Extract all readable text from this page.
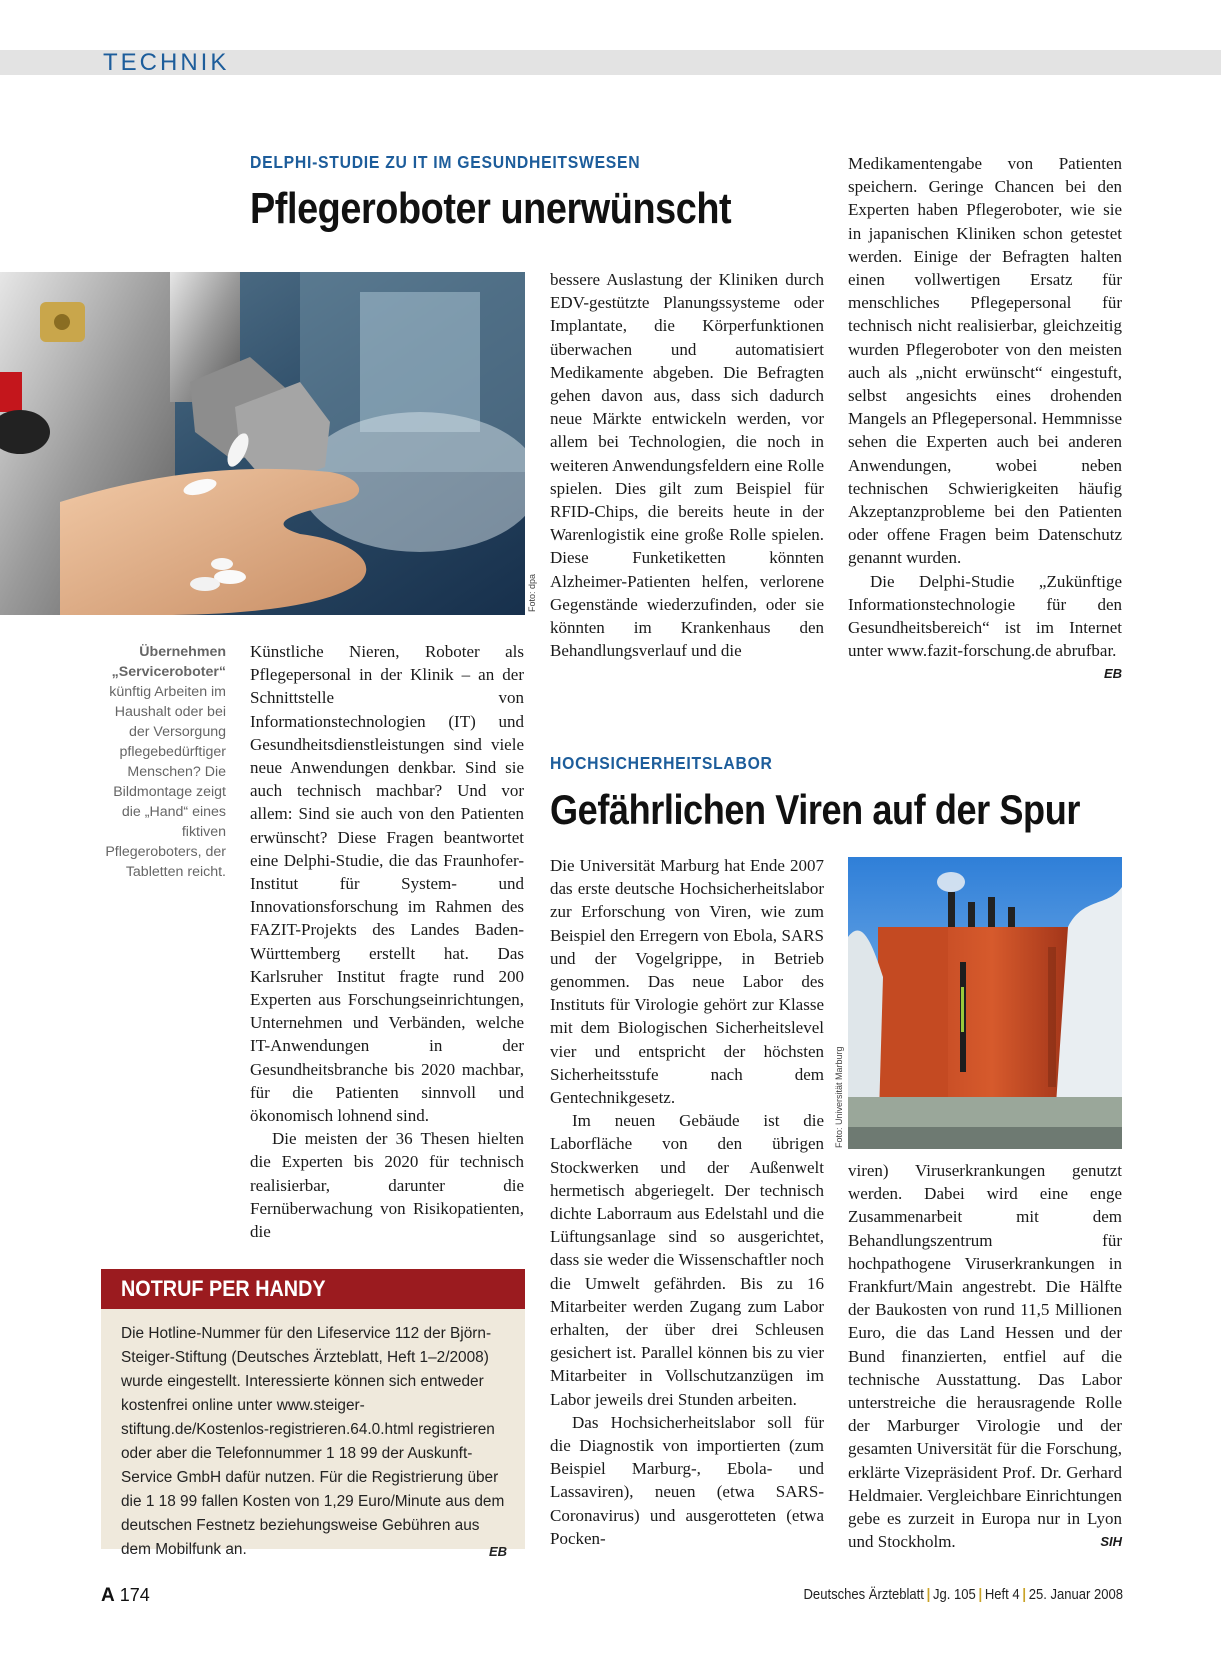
TECHNIK
DELPHI-STUDIE ZU IT IM GESUNDHEITSWESEN
Pflegeroboter unerwünscht
Foto: dpa
Übernehmen „Serviceroboter“ künftig Arbeiten im Haushalt oder bei der Versorgung pflegebedürftiger Menschen? Die Bildmontage zeigt die „Hand“ eines fiktiven Pflegeroboters, der Tabletten reicht.

Künstliche Nieren, Roboter als Pflegepersonal in der Klinik – an der Schnittstelle von Informationstechnologien (IT) und Gesundheitsdienstleistungen sind viele neue Anwendungen denkbar. Sind sie auch technisch machbar? Und vor allem: Sind sie auch von den Patienten erwünscht? Diese Fragen beantwortet eine Delphi-Studie, die das Fraunhofer-Institut für System- und Innovationsforschung im Rahmen des FAZIT-Projekts des Landes Baden-Württemberg erstellt hat. Das Karlsruher Institut fragte rund 200 Experten aus Forschungseinrichtungen, Unternehmen und Verbänden, welche IT-Anwendungen in der Gesundheitsbranche bis 2020 machbar, für die Patienten sinnvoll und ökonomisch lohnend sind.

Die meisten der 36 Thesen hielten die Experten bis 2020 für technisch realisierbar, darunter die Fernüberwachung von Risikopatienten, die

bessere Auslastung der Kliniken durch EDV-gestützte Planungssysteme oder Implantate, die Körperfunktionen überwachen und automatisiert Medikamente abgeben. Die Befragten gehen davon aus, dass sich dadurch neue Märkte entwickeln werden, vor allem bei Technologien, die noch in weiteren Anwendungsfeldern eine Rolle spielen. Dies gilt zum Beispiel für RFID-Chips, die bereits heute in der Warenlogistik eine große Rolle spielen. Diese Funketiketten könnten Alzheimer-Patienten helfen, verlorene Gegenstände wiederzufinden, oder sie könnten im Krankenhaus den Behandlungsverlauf und die

Medikamentengabe von Patienten speichern. Geringe Chancen bei den Experten haben Pflegeroboter, wie sie in japanischen Kliniken schon getestet werden. Einige der Befragten halten einen vollwertigen Ersatz für menschliches Pflegepersonal für technisch nicht realisierbar, gleichzeitig wurden Pflegeroboter von den meisten auch als „nicht erwünscht“ eingestuft, selbst angesichts eines drohenden Mangels an Pflegepersonal. Hemmnisse sehen die Experten auch bei anderen Anwendungen, wobei neben technischen Schwierigkeiten häufig Akzeptanzprobleme bei den Patienten oder offene Fragen beim Datenschutz genannt wurden.

Die Delphi-Studie „Zukünftige Informationstechnologie für den Gesundheitsbereich“ ist im Internet unter www.fazit-forschung.de abrufbar.
EB

NOTRUF PER HANDY
Die Hotline-Nummer für den Lifeservice 112 der Björn-Steiger-Stiftung (Deutsches Ärzteblatt, Heft 1–2/2008) wurde eingestellt. Interessierte können sich entweder kostenfrei online unter www.steiger-stiftung.de/Kostenlos-registrieren.64.0.html registrieren oder aber die Telefonnummer 1 18 99 der Auskunft-Service GmbH dafür nutzen. Für die Registrierung über die 1 18 99 fallen Kosten von 1,29 Euro/Minute aus dem deutschen Festnetz beziehungsweise Gebühren aus dem Mobilfunk an.	EB
HOCHSICHERHEITSLABOR
Gefährlichen Viren auf der Spur
Foto: Universität Marburg

Die Universität Marburg hat Ende 2007 das erste deutsche Hochsicherheitslabor zur Erforschung von Viren, wie zum Beispiel den Erregern von Ebola, SARS und der Vogelgrippe, in Betrieb genommen. Das neue Labor des Instituts für Virologie gehört zur Klasse mit dem Biologischen Sicherheitslevel vier und entspricht der höchsten Sicherheitsstufe nach dem Gentechnikgesetz.

Im neuen Gebäude ist die Laborfläche von den übrigen Stockwerken und der Außenwelt hermetisch abgeriegelt. Der technisch dichte Laborraum aus Edelstahl und die Lüftungsanlage sind so ausgerichtet, dass sie weder die Wissenschaftler noch die Umwelt gefährden. Bis zu 16 Mitarbeiter werden Zugang zum Labor erhalten, der über drei Schleusen gesichert ist. Parallel können bis zu vier Mitarbeiter in Vollschutzanzügen im Labor jeweils drei Stunden arbeiten.

Das Hochsicherheitslabor soll für die Diagnostik von importierten (zum Beispiel Marburg-, Ebola- und Lassaviren), neuen (etwa SARS-Coronavirus) und ausgerotteten (etwa Pocken-

viren) Viruserkrankungen genutzt werden. Dabei wird eine enge Zusammenarbeit mit dem Behandlungszentrum für hochpathogene Viruserkrankungen in Frankfurt/Main angestrebt. Die Hälfte der Baukosten von rund 11,5 Millionen Euro, die das Land Hessen und der Bund finanzierten, entfiel auf die technische Ausstattung. Das Labor unterstreiche die herausragende Rolle der Marburger Virologie und der gesamten Universität für die Forschung, erklärte Vizepräsident Prof. Dr. Gerhard Heldmaier. Vergleichbare Einrichtungen gebe es zurzeit in Europa nur in Lyon und Stockholm.	SIH

A 174	Deutsches Ärzteblatt | Jg. 105 | Heft 4 | 25. Januar 2008
